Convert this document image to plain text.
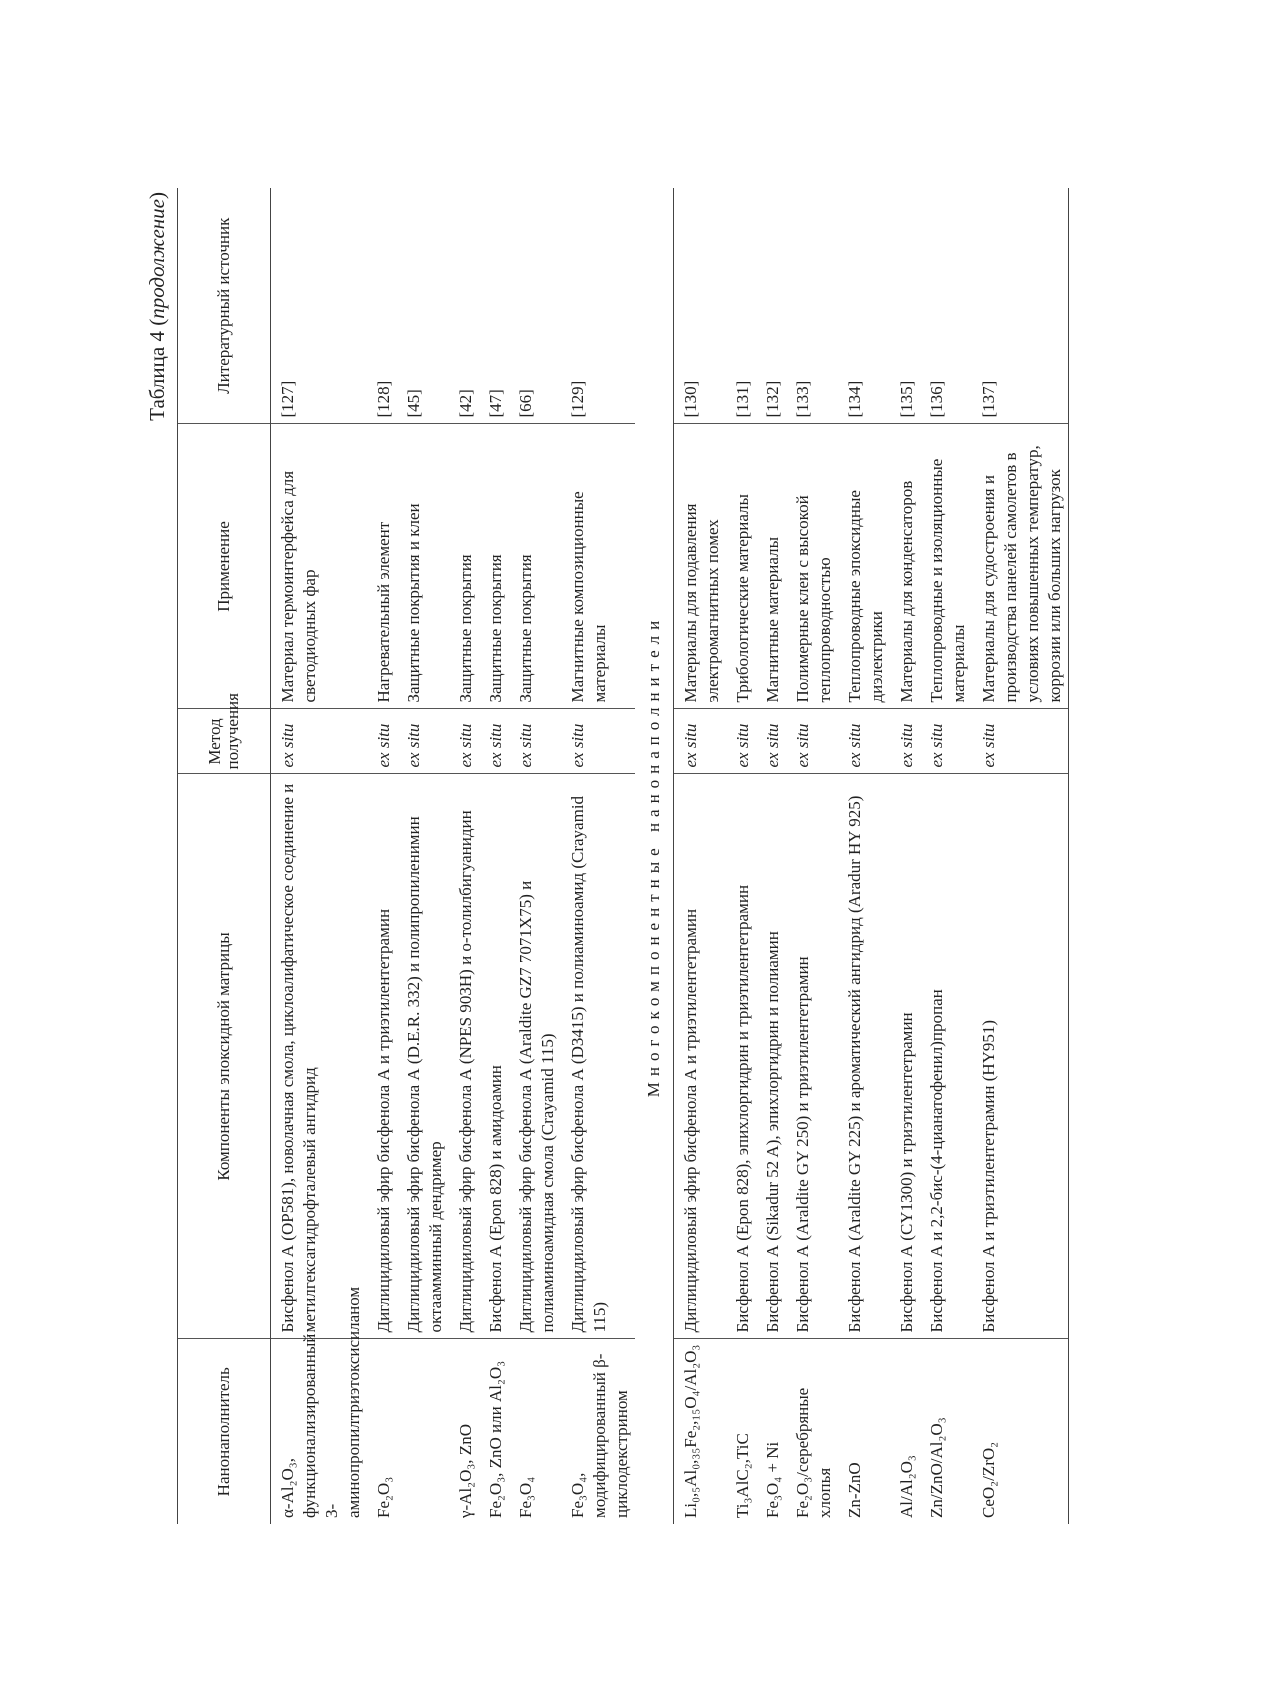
Таблица 4 (продолжение)
Нанонаполнитель	Компоненты эпоксидной матрицы	Метод получения	Применение	Литературный источник
α-Al₂O₃, функционализированный 3-аминопропилтриэтоксисиланом	Бисфенол А (OP581), новолачная смола, циклоалифатическое соединение и метилгексагидрофталевый ангидрид	ex situ	Материал термоинтерфейса для светодиодных фар	[127]
Fe₂O₃	Диглицидиловый эфир бисфенола А и триэтилентетрамин	ex situ	Нагревательный элемент	[128]
	Диглицидиловый эфир бисфенола А (D.E.R. 332) и полипропиленимин октаамминный дендример	ex situ	Защитные покрытия и клеи	[45]
γ-Al₂O₃, ZnO	Диглицидиловый эфир бисфенола А (NPES 903H) и о-толилбигуанидин	ex situ	Защитные покрытия	[42]
Fe₂O₃, ZnO или Al₂O₃	Бисфенол А (Epon 828) и амидоамин	ex situ	Защитные покрытия	[47]
Fe₃O₄	Диглицидиловый эфир бисфенола А (Araldite GZ7 7071X75) и полиаминоамидная смола (Crayamid 115)	ex situ	Защитные покрытия	[66]
Fe₃O₄, модифицированный β-циклодекстрином	Диглицидиловый эфир бисфенола А (D3415) и полиаминоамид (Crayamid 115)	ex situ	Магнитные композиционные материалы	[129]
Многокомпонентные нанонаполнители				
Li₀,₅Al₀,₃₅Fe₂,₁₅O₄/Al₂O₃	Диглицидиловый эфир бисфенола А и триэтилентетрамин	ex situ	Материалы для подавления электромагнитных помех	[130]
Ti₃AlC₂,TiC	Бисфенол А (Epon 828), эпихлоргидрин и триэтилентетрамин	ex situ	Трибологические материалы	[131]
Fe₃O₄ + Ni	Бисфенол А (Sikadur 52 A), эпихлоргидрин и полиамин	ex situ	Магнитные материалы	[132]
Fe₂O₃/серебряные хлопья	Бисфенол А (Araldite GY 250) и триэтилентетрамин	ex situ	Полимерные клеи с высокой теплопроводностью	[133]
Zn-ZnO	Бисфенол А (Araldite GY 225) и ароматический ангидрид (Aradur HY 925)	ex situ	Теплопроводные эпоксидные диэлектрики	[134]
Al/Al₂O₃	Бисфенол А (CY1300) и триэтилентетрамин	ex situ	Материалы для конденсаторов	[135]
Zn/ZnO/Al₂O₃	Бисфенол А и 2,2-бис-(4-цианатофенил)пропан	ex situ	Теплопроводные и изоляционные материалы	[136]
CeO₂/ZrO₂	Бисфенол А и триэтилентетрамин (HY951)	ex situ	Материалы для судостроения и производства панелей самолетов в условиях повышенных температур, коррозии или больших нагрузок	[137]
